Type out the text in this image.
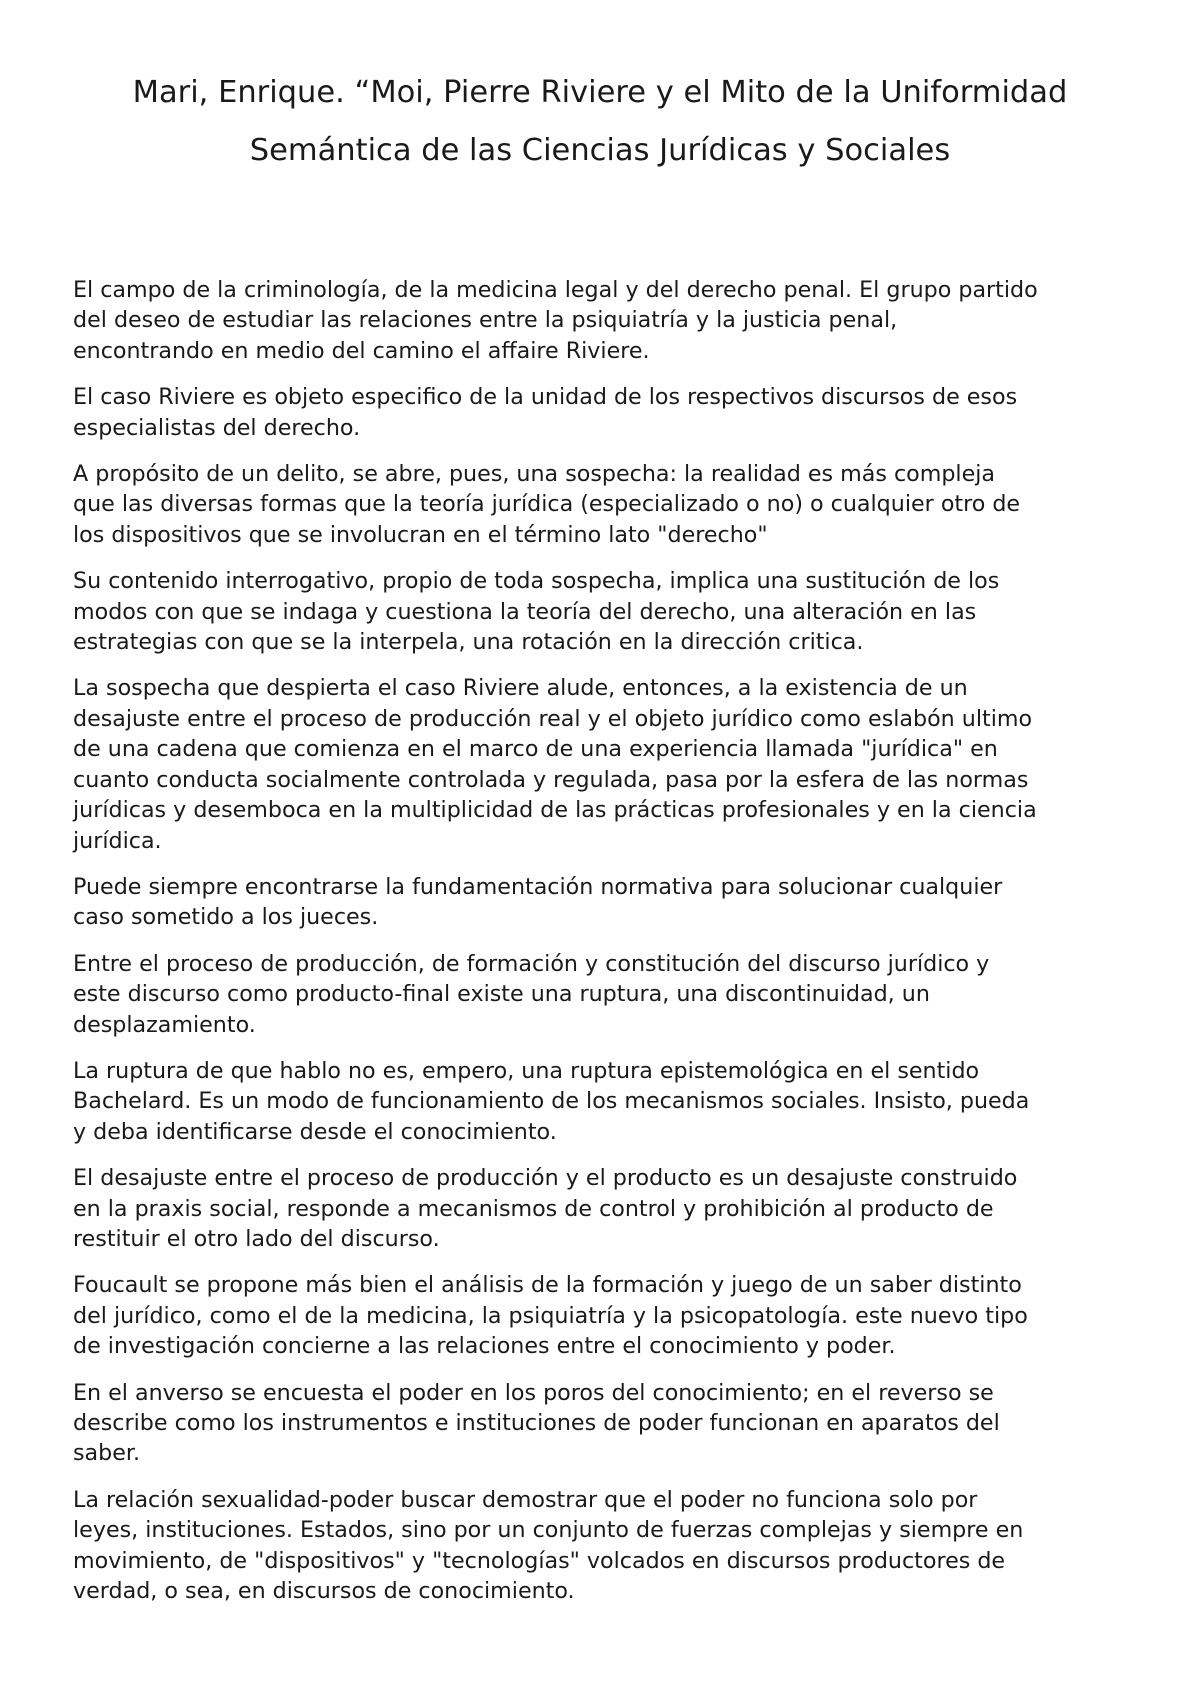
Mari, Enrique. “Moi, Pierre Riviere y el Mito de la Uniformidad
Semántica de las Ciencias Jurídicas y Sociales

El campo de la criminología, de la medicina legal y del derecho penal. El grupo partido
del deseo de estudiar las relaciones entre la psiquiatría y la justicia penal,
encontrando en medio del camino el affaire Riviere.

El caso Riviere es objeto especifico de la unidad de los respectivos discursos de esos
especialistas del derecho.

A propósito de un delito, se abre, pues, una sospecha: la realidad es más compleja
que las diversas formas que la teoría jurídica (especializado o no) o cualquier otro de
los dispositivos que se involucran en el término lato "derecho"

Su contenido interrogativo, propio de toda sospecha, implica una sustitución de los
modos con que se indaga y cuestiona la teoría del derecho, una alteración en las
estrategias con que se la interpela, una rotación en la dirección critica.

La sospecha que despierta el caso Riviere alude, entonces, a la existencia de un
desajuste entre el proceso de producción real y el objeto jurídico como eslabón ultimo
de una cadena que comienza en el marco de una experiencia llamada "jurídica" en
cuanto conducta socialmente controlada y regulada, pasa por la esfera de las normas
jurídicas y desemboca en la multiplicidad de las prácticas profesionales y en la ciencia
jurídica.

Puede siempre encontrarse la fundamentación normativa para solucionar cualquier
caso sometido a los jueces.

Entre el proceso de producción, de formación y constitución del discurso jurídico y
este discurso como producto-final existe una ruptura, una discontinuidad, un
desplazamiento.

La ruptura de que hablo no es, empero, una ruptura epistemológica en el sentido
Bachelard. Es un modo de funcionamiento de los mecanismos sociales. Insisto, pueda
y deba identificarse desde el conocimiento.

El desajuste entre el proceso de producción y el producto es un desajuste construido
en la praxis social, responde a mecanismos de control y prohibición al producto de
restituir el otro lado del discurso.

Foucault se propone más bien el análisis de la formación y juego de un saber distinto
del jurídico, como el de la medicina, la psiquiatría y la psicopatología. este nuevo tipo
de investigación concierne a las relaciones entre el conocimiento y poder.

En el anverso se encuesta el poder en los poros del conocimiento; en el reverso se
describe como los instrumentos e instituciones de poder funcionan en aparatos del
saber.

La relación sexualidad-poder buscar demostrar que el poder no funciona solo por
leyes, instituciones. Estados, sino por un conjunto de fuerzas complejas y siempre en
movimiento, de "dispositivos" y "tecnologías" volcados en discursos productores de
verdad, o sea, en discursos de conocimiento.
